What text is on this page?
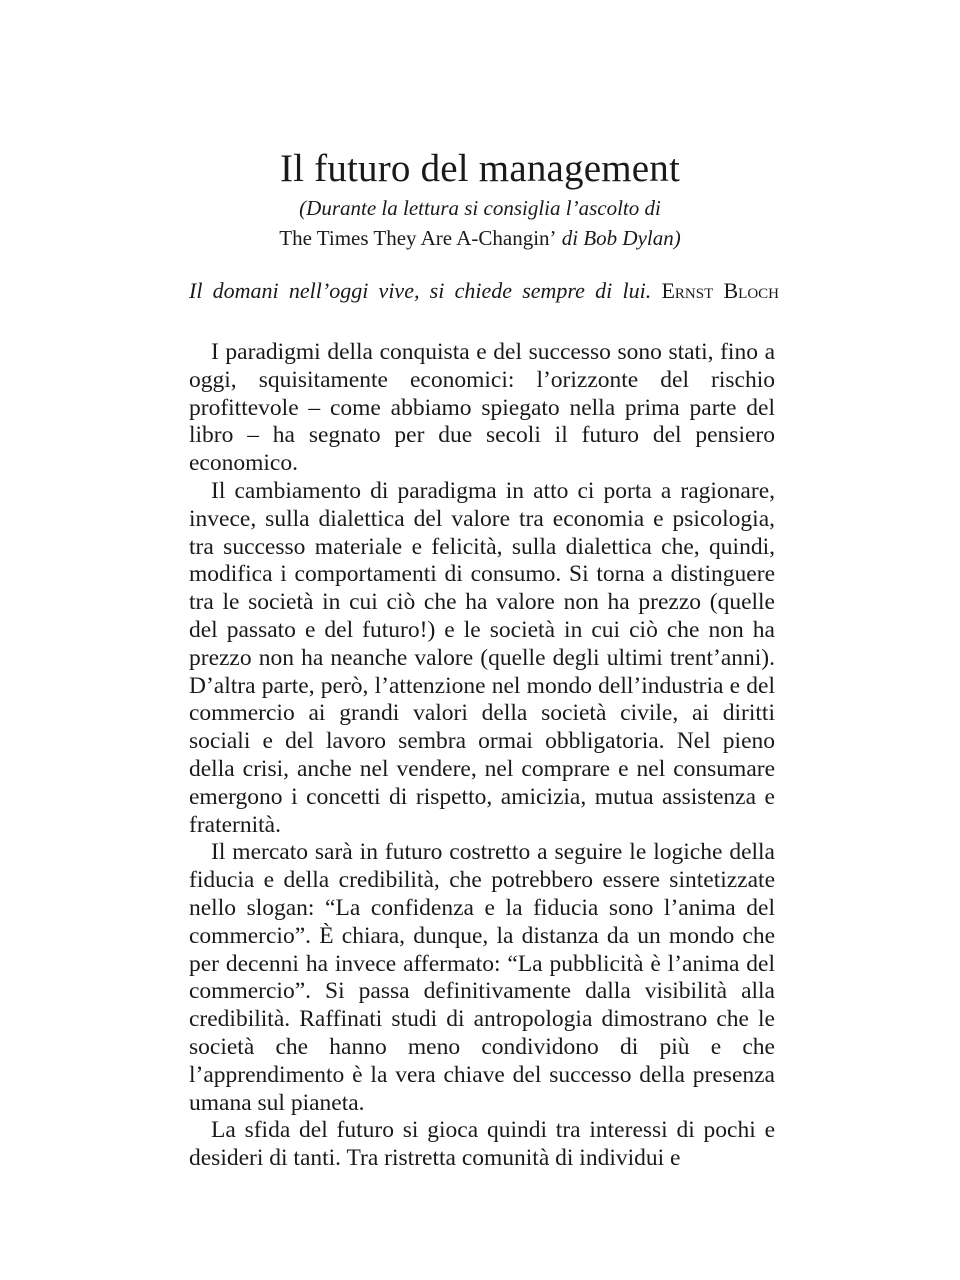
Il futuro del management
(Durante la lettura si consiglia l’ascolto di
The Times They Are A-Changin’ di Bob Dylan)
Il domani nell’oggi vive, si chiede sempre di lui. Ernst Bloch

I paradigmi della conquista e del successo sono stati, fino a oggi, squisitamente economici: l’orizzonte del rischio profittevole – come abbiamo spiegato nella prima parte del libro – ha segnato per due secoli il futuro del pensiero economico.

Il cambiamento di paradigma in atto ci porta a ragionare, invece, sulla dialettica del valore tra economia e psicologia, tra successo materiale e felicità, sulla dialettica che, quindi, modifica i comportamenti di consumo. Si torna a distinguere tra le società in cui ciò che ha valore non ha prezzo (quelle del passato e del futuro!) e le società in cui ciò che non ha prezzo non ha neanche valore (quelle degli ultimi trent’anni). D’altra parte, però, l’attenzione nel mondo dell’industria e del commercio ai grandi valori della società civile, ai diritti sociali e del lavoro sembra ormai obbligatoria. Nel pieno della crisi, anche nel vendere, nel comprare e nel consumare emergono i concetti di rispetto, amicizia, mutua assistenza e fraternità.

Il mercato sarà in futuro costretto a seguire le logiche della fiducia e della credibilità, che potrebbero essere sintetizzate nello slogan: “La confidenza e la fiducia sono l’anima del commercio”. È chiara, dunque, la distanza da un mondo che per decenni ha invece affermato: “La pubblicità è l’anima del commercio”. Si passa definitivamente dalla visibilità alla credibilità. Raffinati studi di antropologia dimostrano che le società che hanno meno condividono di più e che l’apprendimento è la vera chiave del successo della presenza umana sul pianeta.

La sfida del futuro si gioca quindi tra interessi di pochi e desideri di tanti. Tra ristretta comunità di individui e
